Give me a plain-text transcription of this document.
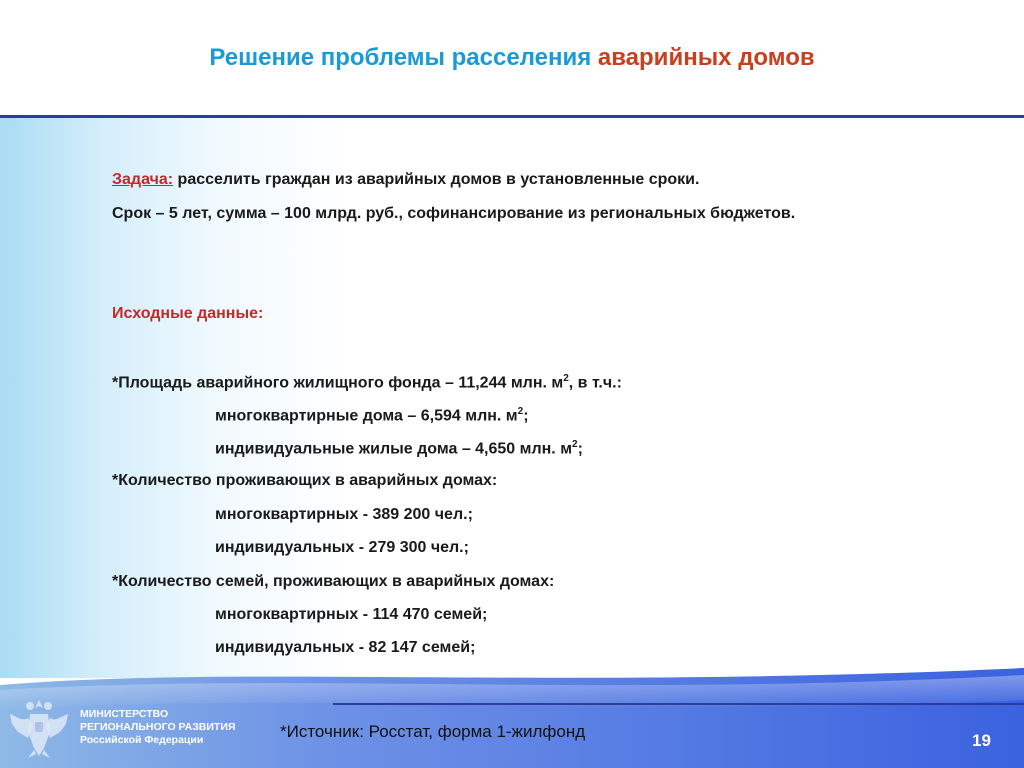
Решение проблемы расселения аварийных домов
Задача: расселить граждан из аварийных домов в установленные сроки.
Срок – 5 лет, сумма – 100 млрд. руб., софинансирование из региональных бюджетов.
Исходные данные:
*Площадь аварийного жилищного фонда – 11,244 млн. $м^2$, в т.ч.:
многоквартирные дома – 6,594 млн. $м^2$;
индивидуальные жилые дома – 4,650 млн. $м^2$;
*Количество проживающих в аварийных домах:
многоквартирных - 389 200 чел.;
индивидуальных - 279 300 чел.;
*Количество семей, проживающих в аварийных домах:
многоквартирных - 114 470 семей;
индивидуальных - 82 147 семей;
МИНИСТЕРСТВО
РЕГИОНАЛЬНОГО РАЗВИТИЯ
Российской Федерации	*Источник: Росстат, форма 1-жилфонд	19
